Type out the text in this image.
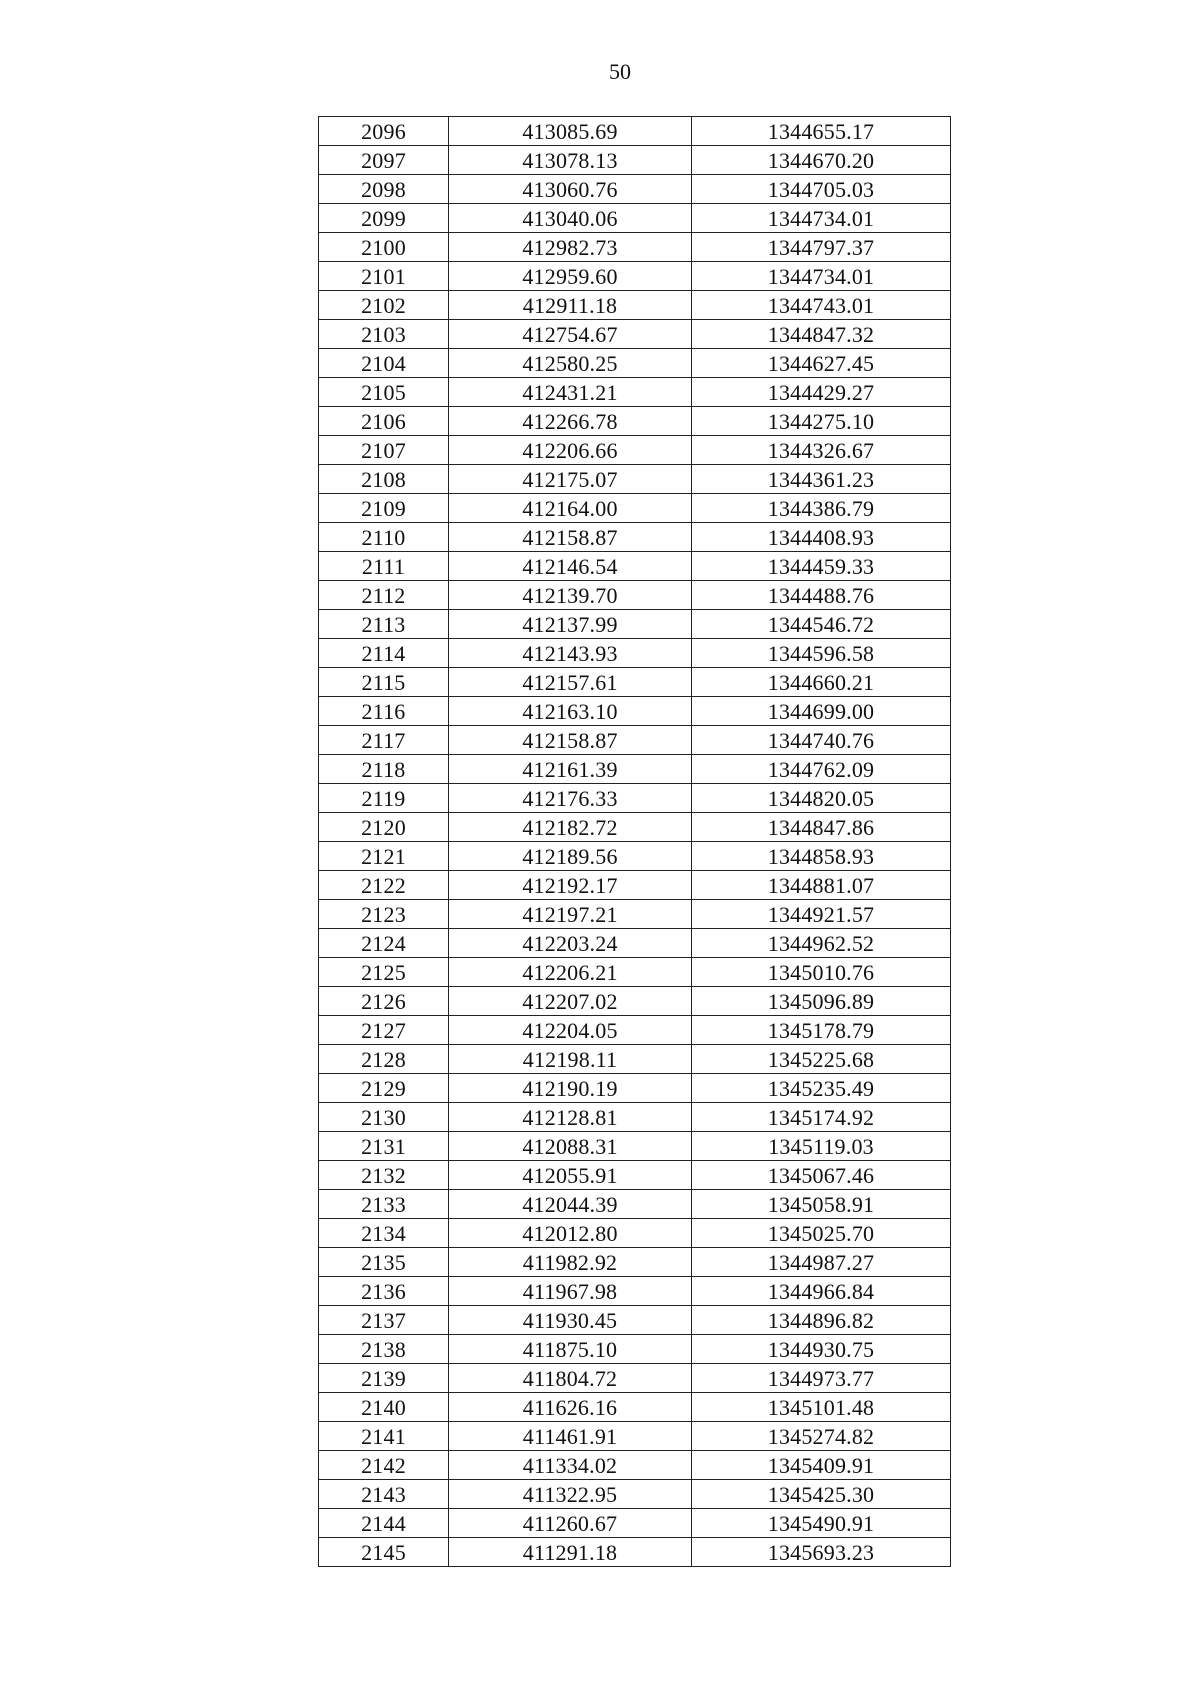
50
2096	413085.69	1344655.17
2097	413078.13	1344670.20
2098	413060.76	1344705.03
2099	413040.06	1344734.01
2100	412982.73	1344797.37
2101	412959.60	1344734.01
2102	412911.18	1344743.01
2103	412754.67	1344847.32
2104	412580.25	1344627.45
2105	412431.21	1344429.27
2106	412266.78	1344275.10
2107	412206.66	1344326.67
2108	412175.07	1344361.23
2109	412164.00	1344386.79
2110	412158.87	1344408.93
2111	412146.54	1344459.33
2112	412139.70	1344488.76
2113	412137.99	1344546.72
2114	412143.93	1344596.58
2115	412157.61	1344660.21
2116	412163.10	1344699.00
2117	412158.87	1344740.76
2118	412161.39	1344762.09
2119	412176.33	1344820.05
2120	412182.72	1344847.86
2121	412189.56	1344858.93
2122	412192.17	1344881.07
2123	412197.21	1344921.57
2124	412203.24	1344962.52
2125	412206.21	1345010.76
2126	412207.02	1345096.89
2127	412204.05	1345178.79
2128	412198.11	1345225.68
2129	412190.19	1345235.49
2130	412128.81	1345174.92
2131	412088.31	1345119.03
2132	412055.91	1345067.46
2133	412044.39	1345058.91
2134	412012.80	1345025.70
2135	411982.92	1344987.27
2136	411967.98	1344966.84
2137	411930.45	1344896.82
2138	411875.10	1344930.75
2139	411804.72	1344973.77
2140	411626.16	1345101.48
2141	411461.91	1345274.82
2142	411334.02	1345409.91
2143	411322.95	1345425.30
2144	411260.67	1345490.91
2145	411291.18	1345693.23
